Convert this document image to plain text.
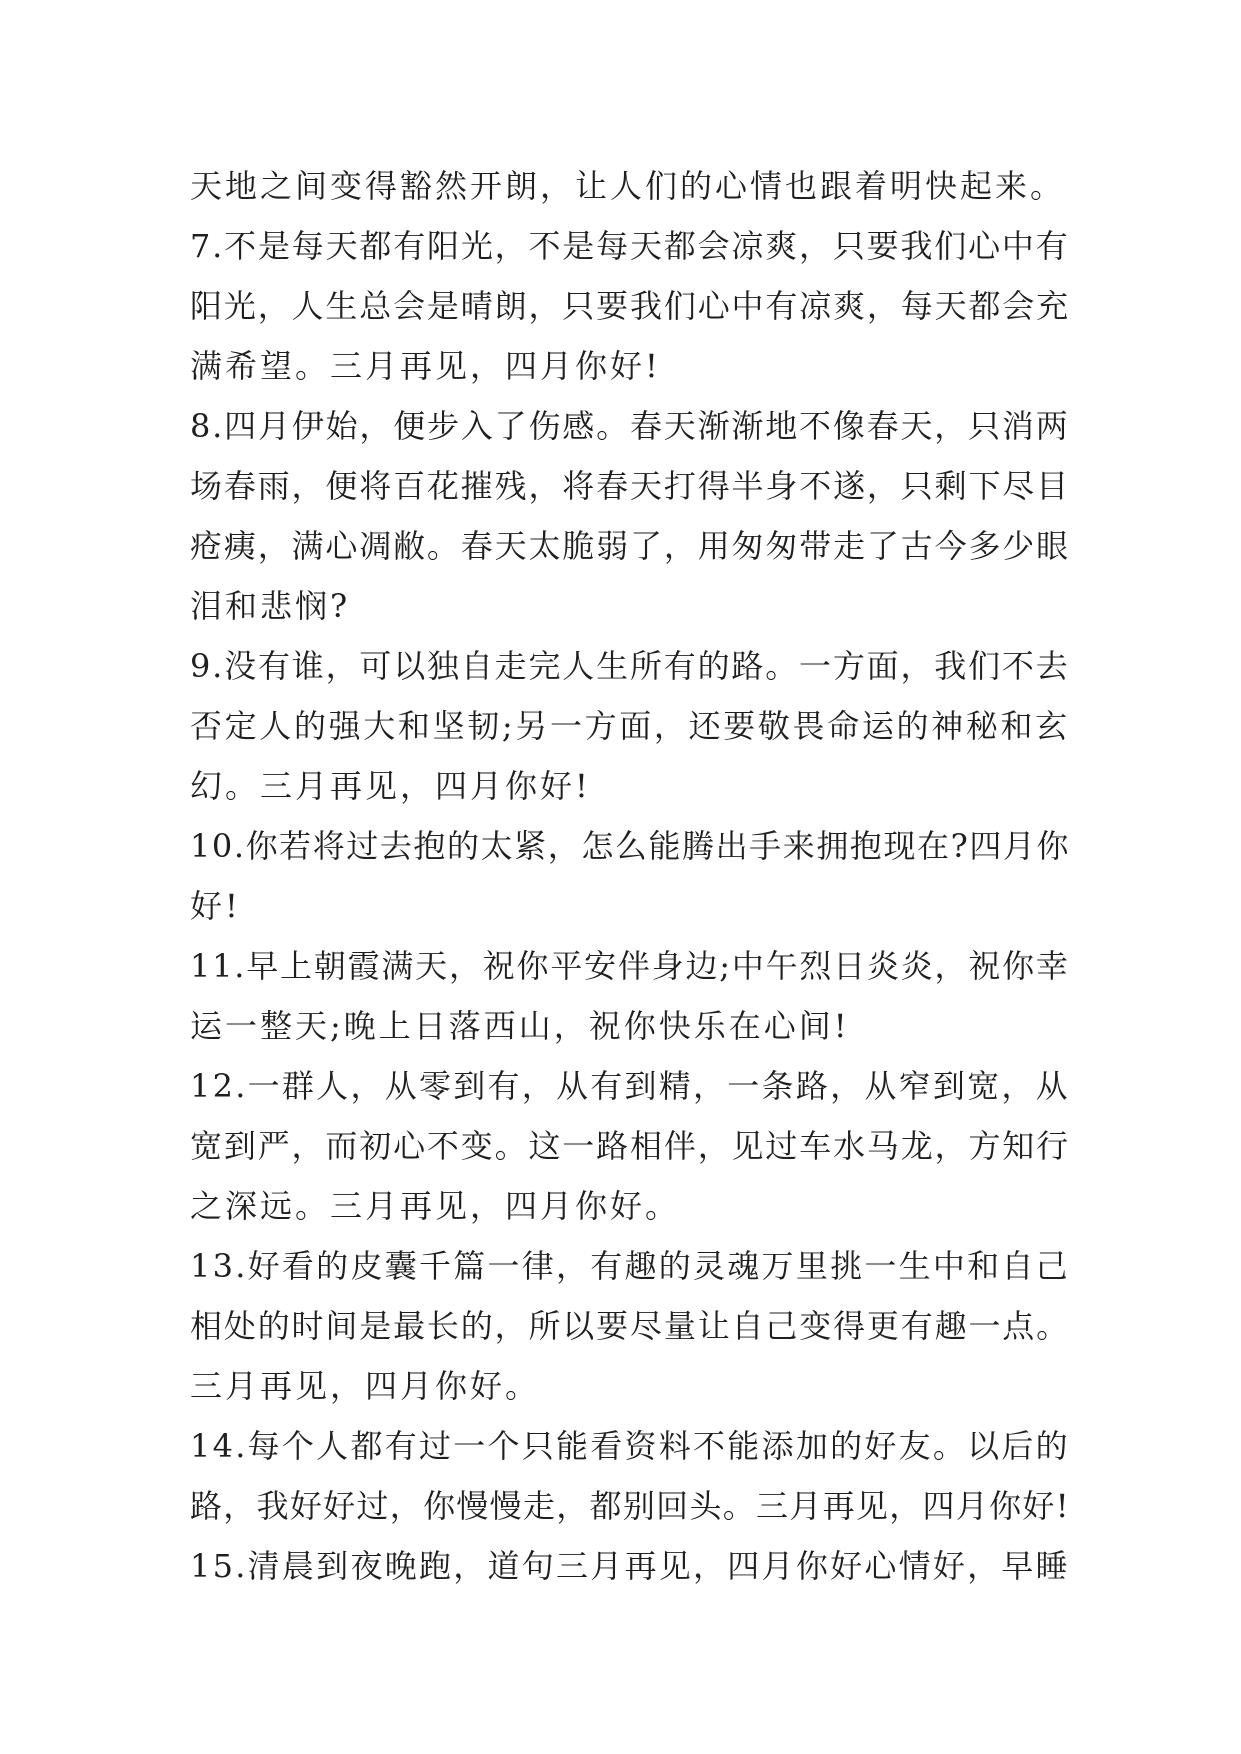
天地之间变得豁然开朗，让人们的心情也跟着明快起来。
7.不是每天都有阳光，不是每天都会凉爽，只要我们心中有
阳光，人生总会是晴朗，只要我们心中有凉爽，每天都会充
满希望。三月再见，四月你好!
8.四月伊始，便步入了伤感。春天渐渐地不像春天，只消两
场春雨，便将百花摧残，将春天打得半身不遂，只剩下尽目
疮痍，满心凋敝。春天太脆弱了，用匆匆带走了古今多少眼
泪和悲悯?
9.没有谁，可以独自走完人生所有的路。一方面，我们不去
否定人的强大和坚韧;另一方面，还要敬畏命运的神秘和玄
幻。三月再见，四月你好!
10.你若将过去抱的太紧，怎么能腾出手来拥抱现在?四月你
好!
11.早上朝霞满天，祝你平安伴身边;中午烈日炎炎，祝你幸
运一整天;晚上日落西山，祝你快乐在心间!
12.一群人，从零到有，从有到精，一条路，从窄到宽，从
宽到严，而初心不变。这一路相伴，见过车水马龙，方知行
之深远。三月再见，四月你好。
13.好看的皮囊千篇一律，有趣的灵魂万里挑一生中和自己
相处的时间是最长的，所以要尽量让自己变得更有趣一点。
三月再见，四月你好。
14.每个人都有过一个只能看资料不能添加的好友。以后的
路，我好好过，你慢慢走，都别回头。三月再见，四月你好!
15.清晨到夜晚跑，道句三月再见，四月你好心情好，早睡
